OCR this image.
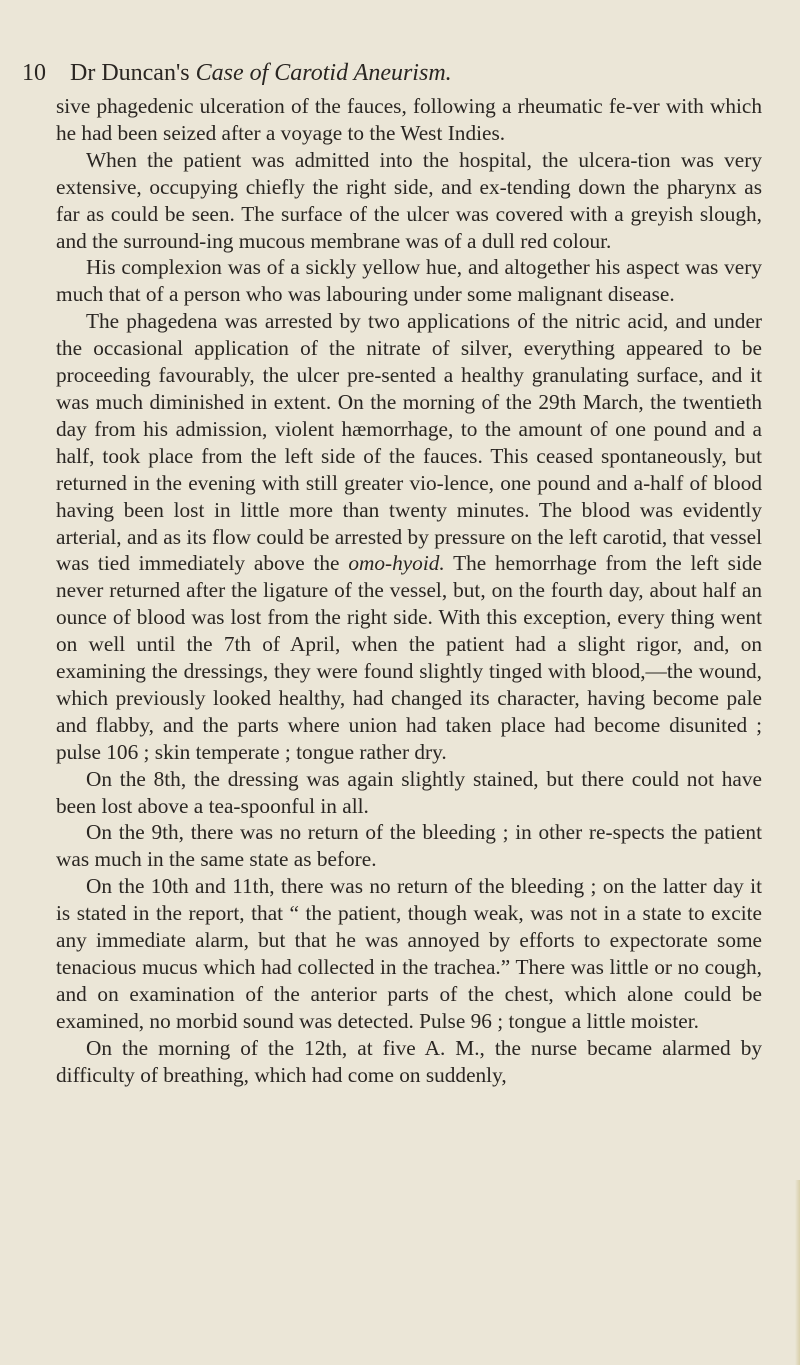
10 Dr Duncan's Case of Carotid Aneurism.

sive phagedenic ulceration of the fauces, following a rheumatic fe-ver with which he had been seized after a voyage to the West Indies.

When the patient was admitted into the hospital, the ulcera-tion was very extensive, occupying chiefly the right side, and ex-tending down the pharynx as far as could be seen. The surface of the ulcer was covered with a greyish slough, and the surround-ing mucous membrane was of a dull red colour.

His complexion was of a sickly yellow hue, and altogether his aspect was very much that of a person who was labouring under some malignant disease.

The phagedena was arrested by two applications of the nitric acid, and under the occasional application of the nitrate of silver, everything appeared to be proceeding favourably, the ulcer pre-sented a healthy granulating surface, and it was much diminished in extent. On the morning of the 29th March, the twentieth day from his admission, violent hæmorrhage, to the amount of one pound and a half, took place from the left side of the fauces. This ceased spontaneously, but returned in the evening with still greater vio-lence, one pound and a-half of blood having been lost in little more than twenty minutes. The blood was evidently arterial, and as its flow could be arrested by pressure on the left carotid, that vessel was tied immediately above the omo-hyoid. The hemorrhage from the left side never returned after the ligature of the vessel, but, on the fourth day, about half an ounce of blood was lost from the right side. With this exception, every thing went on well until the 7th of April, when the patient had a slight rigor, and, on examining the dressings, they were found slightly tinged with blood,—the wound, which previously looked healthy, had changed its character, having become pale and flabby, and the parts where union had taken place had become disunited ; pulse 106 ; skin temperate ; tongue rather dry.

On the 8th, the dressing was again slightly stained, but there could not have been lost above a tea-spoonful in all.

On the 9th, there was no return of the bleeding ; in other re-spects the patient was much in the same state as before.

On the 10th and 11th, there was no return of the bleeding ; on the latter day it is stated in the report, that “ the patient, though weak, was not in a state to excite any immediate alarm, but that he was annoyed by efforts to expectorate some tenacious mucus which had collected in the trachea.” There was little or no cough, and on examination of the anterior parts of the chest, which alone could be examined, no morbid sound was detected. Pulse 96 ; tongue a little moister.

On the morning of the 12th, at five A. M., the nurse became alarmed by difficulty of breathing, which had come on suddenly,
